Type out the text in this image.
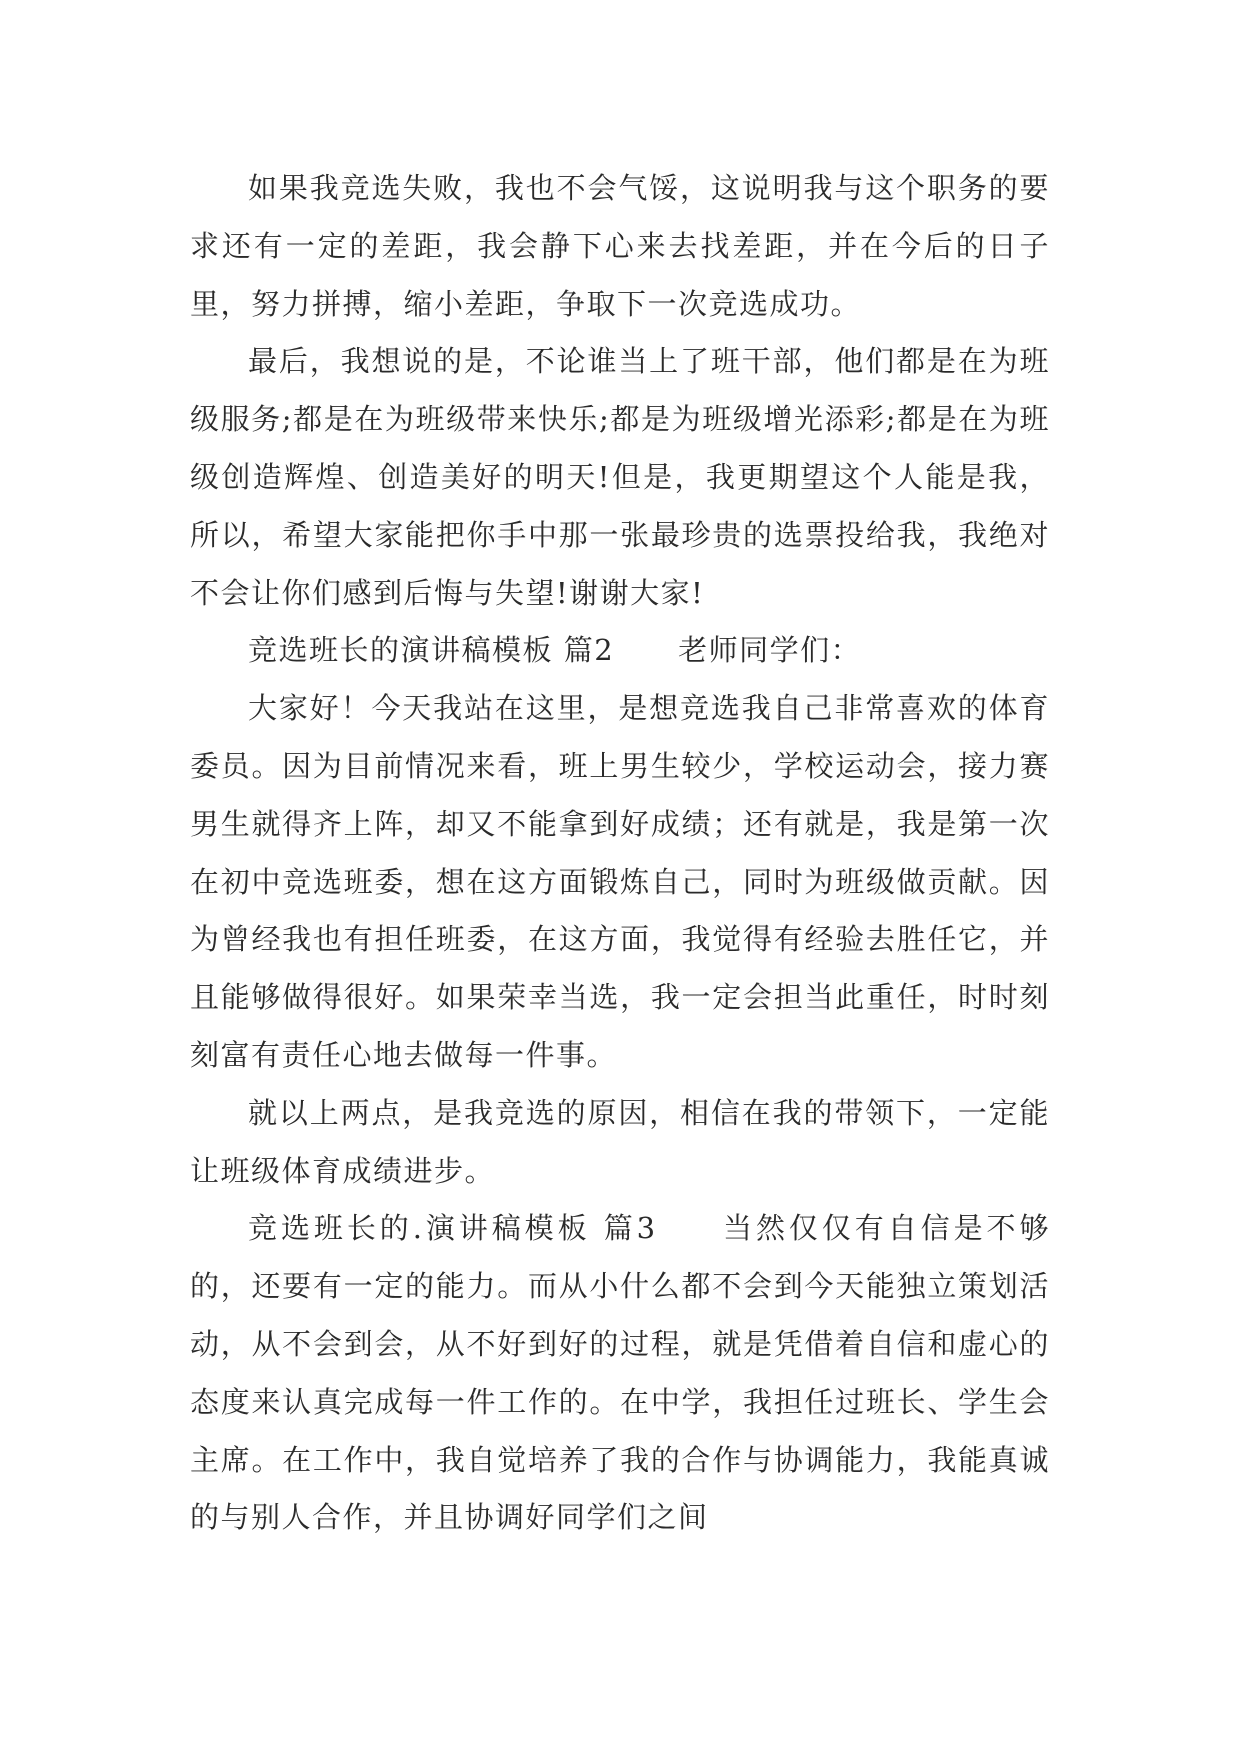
如果我竞选失败，我也不会气馁，这说明我与这个职务的要求还有一定的差距，我会静下心来去找差距，并在今后的日子里，努力拼搏，缩小差距，争取下一次竞选成功。

最后，我想说的是，不论谁当上了班干部，他们都是在为班级服务;都是在为班级带来快乐;都是为班级增光添彩;都是在为班级创造辉煌、创造美好的明天!但是，我更期望这个人能是我，所以，希望大家能把你手中那一张最珍贵的选票投给我，我绝对不会让你们感到后悔与失望!谢谢大家!

竞选班长的演讲稿模板 篇2 老师同学们：

大家好！今天我站在这里，是想竞选我自己非常喜欢的体育委员。因为目前情况来看，班上男生较少，学校运动会，接力赛男生就得齐上阵，却又不能拿到好成绩；还有就是，我是第一次在初中竞选班委，想在这方面锻炼自己，同时为班级做贡献。因为曾经我也有担任班委，在这方面，我觉得有经验去胜任它，并且能够做得很好。如果荣幸当选，我一定会担当此重任，时时刻刻富有责任心地去做每一件事。

就以上两点，是我竞选的原因，相信在我的带领下，一定能让班级体育成绩进步。

竞选班长的.演讲稿模板 篇3 当然仅仅有自信是不够的，还要有一定的能力。而从小什么都不会到今天能独立策划活动，从不会到会，从不好到好的过程，就是凭借着自信和虚心的态度来认真完成每一件工作的。在中学，我担任过班长、学生会主席。在工作中，我自觉培养了我的合作与协调能力，我能真诚的与别人合作，并且协调好同学们之间
